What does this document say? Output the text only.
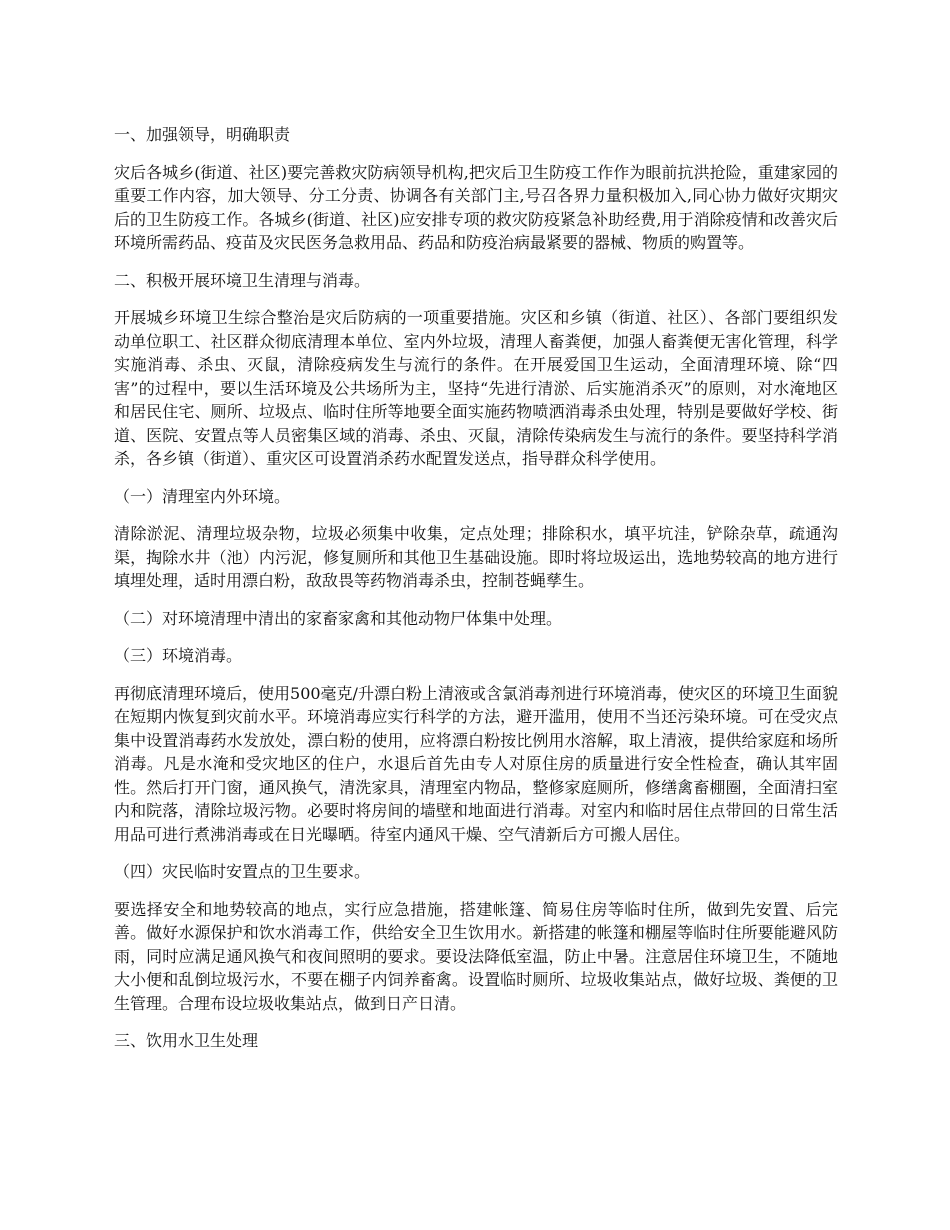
一、加强领导，明确职责
灾后各城乡(街道、社区)要完善救灾防病领导机构,把灾后卫生防疫工作作为眼前抗洪抢险，重建家园的重要工作内容，加大领导、分工分责、协调各有关部门主,号召各界力量积极加入,同心协力做好灾期灾后的卫生防疫工作。各城乡(街道、社区)应安排专项的救灾防疫紧急补助经费,用于消除疫情和改善灾后环境所需药品、疫苗及灾民医务急救用品、药品和防疫治病最紧要的器械、物质的购置等。
二、积极开展环境卫生清理与消毒。
开展城乡环境卫生综合整治是灾后防病的一项重要措施。灾区和乡镇（街道、社区）、各部门要组织发动单位职工、社区群众彻底清理本单位、室内外垃圾，清理人畜粪便，加强人畜粪便无害化管理，科学实施消毒、杀虫、灭鼠，清除疫病发生与流行的条件。在开展爱国卫生运动，全面清理环境、除“四害”的过程中，要以生活环境及公共场所为主，坚持“先进行清淤、后实施消杀灭”的原则，对水淹地区和居民住宅、厕所、垃圾点、临时住所等地要全面实施药物喷洒消毒杀虫处理，特别是要做好学校、街道、医院、安置点等人员密集区域的消毒、杀虫、灭鼠，清除传染病发生与流行的条件。要坚持科学消杀，各乡镇（街道）、重灾区可设置消杀药水配置发送点，指导群众科学使用。
（一）清理室内外环境。
清除淤泥、清理垃圾杂物，垃圾必须集中收集，定点处理；排除积水，填平坑洼，铲除杂草，疏通沟渠，掏除水井（池）内污泥，修复厕所和其他卫生基础设施。即时将垃圾运出，选地势较高的地方进行填埋处理，适时用漂白粉，敌敌畏等药物消毒杀虫，控制苍蝇孳生。
（二）对环境清理中清出的家畜家禽和其他动物尸体集中处理。
（三）环境消毒。
再彻底清理环境后，使用500毫克/升漂白粉上清液或含氯消毒剂进行环境消毒，使灾区的环境卫生面貌在短期内恢复到灾前水平。环境消毒应实行科学的方法，避开滥用，使用不当还污染环境。可在受灾点集中设置消毒药水发放处，漂白粉的使用，应将漂白粉按比例用水溶解，取上清液，提供给家庭和场所消毒。凡是水淹和受灾地区的住户，水退后首先由专人对原住房的质量进行安全性检查，确认其牢固性。然后打开门窗，通风换气，清洗家具，清理室内物品，整修家庭厕所，修缮禽畜棚圈，全面清扫室内和院落，清除垃圾污物。必要时将房间的墙壁和地面进行消毒。对室内和临时居住点带回的日常生活用品可进行煮沸消毒或在日光曝晒。待室内通风干燥、空气清新后方可搬人居住。
（四）灾民临时安置点的卫生要求。
要选择安全和地势较高的地点，实行应急措施，搭建帐篷、简易住房等临时住所，做到先安置、后完善。做好水源保护和饮水消毒工作，供给安全卫生饮用水。新搭建的帐篷和棚屋等临时住所要能避风防雨，同时应满足通风换气和夜间照明的要求。要设法降低室温，防止中暑。注意居住环境卫生，不随地大小便和乱倒垃圾污水，不要在棚子内饲养畜禽。设置临时厕所、垃圾收集站点，做好垃圾、粪便的卫生管理。合理布设垃圾收集站点，做到日产日清。
三、饮用水卫生处理
